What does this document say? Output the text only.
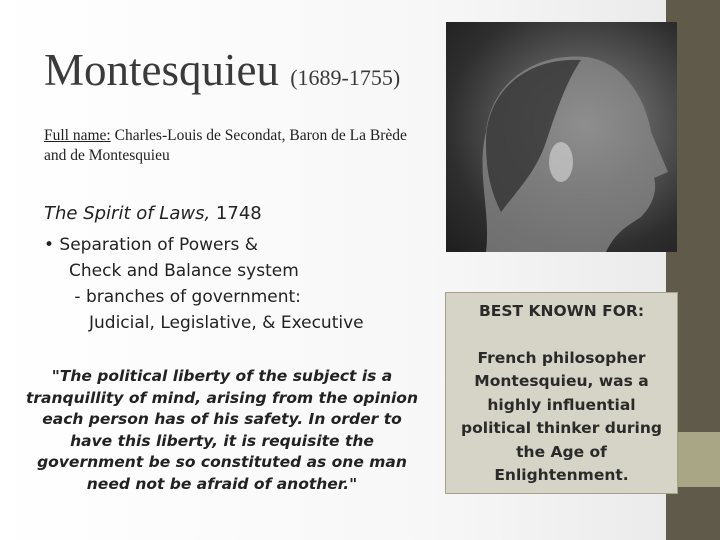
Montesquieu (1689-1755)
Full name: Charles-Louis de Secondat, Baron de La Brède and de Montesquieu
The Spirit of Laws, 1748
• Separation of Powers &
Check and Balance system
- branches of government:
Judicial, Legislative, & Executive
"The political liberty of the subject is a tranquillity of mind, arising from the opinion each person has of his safety. In order to have this liberty, it is requisite the government be so constituted as one man need not be afraid of another."
BEST KNOWN FOR:
French philosopher Montesquieu, was a highly influential political thinker during the Age of Enlightenment.
